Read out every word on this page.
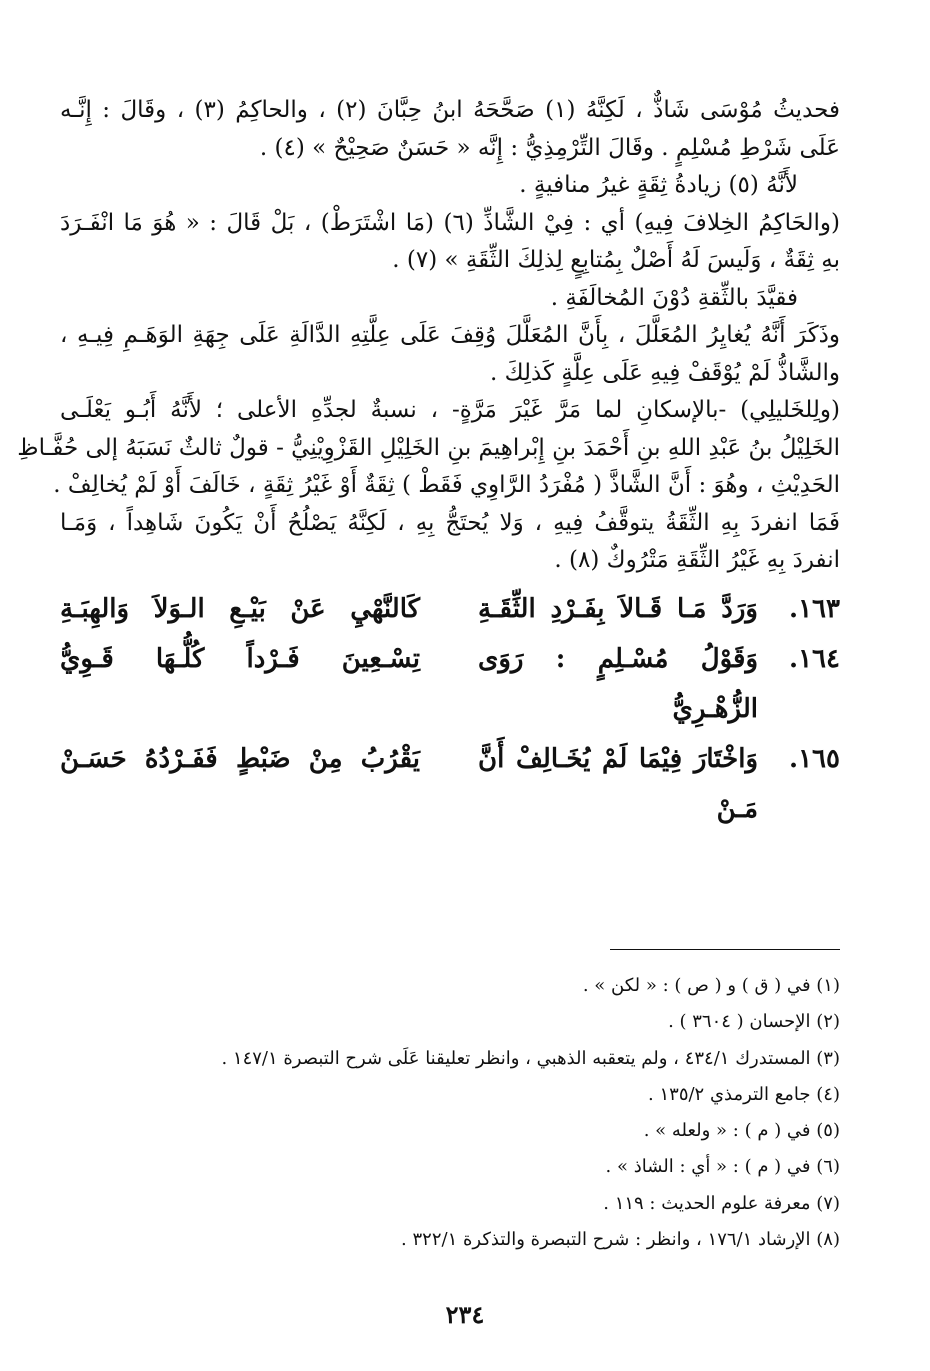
فحديثُ مُوْسَى شَاذٌّ ، لَكِنَّهُ (١) صَحَّحَهُ ابنُ حِبَّانَ (٢) ، والحاكِمُ (٣) ، وقَالَ : إِنَّـه
عَلَى شَرْطِ مُسْلِمٍ . وقَالَ التِّرْمِذِيُّ : إِنَّه « حَسَنٌ صَحِيْحٌ » (٤) .
لأَنَّهُ (٥) زيادةُ ثِقَةٍ غيرُ منافيةٍ .
(والحَاكِمُ الخِلافَ فِيهِ) أي : فِيْ الشَّاذِّ (٦) (مَا اشْتَرَطْ) ، بَلْ قَالَ : « هُوَ مَا انْفَـرَدَ
بهِ ثِقَةٌ ، وَلَيسَ لَهُ أَصْلٌ بِمُتابِعٍ لِذلِكَ الثِّقَةِ » (٧) .
فقيَّدَ بالثِّقةِ دُوْنَ المُخالَفَةِ .
وذَكَرَ أَنَّهُ يُغايِرُ المُعَلَّلَ ، بِأَنَّ المُعَلَّلَ وُقِفَ عَلَى عِلَّتِهِ الدَّالَةِ عَلَى جِهَةِ الوَهَـمِ فِيـهِ ،
والشَّاذُّ لَمْ يُوْقَفْ فِيهِ عَلَى عِلَّةٍ كَذلِكَ .
(ولِلخَليلِي) -بالإسكانِ لما مَرَّ غَيْرَ مَرَّةٍ- ، نسبةٌ لجدِّهِ الأعلى ؛ لأَنَّهُ أَبُـو يَعْلَـى
الخَلِيْلُ بنُ عَبْدِ اللهِ بنِ أَحْمَدَ بنِ إِبْراهِيمَ بنِ الخَلِيْلِ القَزْوِيْنِيُّ - قولٌ ثالثٌ نَسَبَهُ إلى حُفَّـاظِ
الحَدِيْثِ ، وهُوَ : أَنَّ الشَّاذَّ ( مُفْرَدُ الرَّاوِي فَقَطْ ) ثِقَةٌ أَوْ غَيْرُ ثِقَةٍ ، خَالَفَ أَوْ لَمْ يُخالِفْ .
فَمَا انفردَ بِهِ الثِّقَةُ يتوقَّفُ فِيهِ ، وَلا يُحتَجُّ بِهِ ، لَكِنَّهُ يَصْلُحُ أَنْ يَكُونَ شَاهِداً ، وَمَـا
انفردَ بِهِ غَيْرُ الثِّقَةِ مَتْرُوكٌ (٨) .
١٦٣.
وَرَدَّ مَـا قَـالاَ بِفَـرْدِ الثِّقَـةِ
كَالنَّهْيِ عَنْ بَيْـعِ الـوَلاَ وَالهِبَـةِ
١٦٤.
وَقَوْلُ مُسْـلِمٍ : رَوَى الزُّهْـرِيُّ
تِسْـعِينَ فَـرْداً كُلُّـهَا قَـوِيُّ
١٦٥.
وَاخْتَارَ فِيْمَا لَمْ يُخَـالِفْ أَنَّ مَـنْ
يَقْرُبُ مِنْ ضَبْطٍ فَفَـرْدُهُ حَسَـنْ
(١) في ( ق ) و ( ص ) : « لكن » .
(٢) الإحسان ( ٣٦٠٤ ) .
(٣) المستدرك ٤٣٤/١ ، ولم يتعقبه الذهبي ، وانظر تعليقنا عَلَى شرح التبصرة ١٤٧/١ .
(٤) جامع الترمذي ١٣٥/٢ .
(٥) في ( م ) : « ولعله » .
(٦) في ( م ) : « أي : الشاذ » .
(٧) معرفة علوم الحديث : ١١٩ .
(٨) الإرشاد ١٧٦/١ ، وانظر : شرح التبصرة والتذكرة ٣٢٢/١ .
٢٣٤
